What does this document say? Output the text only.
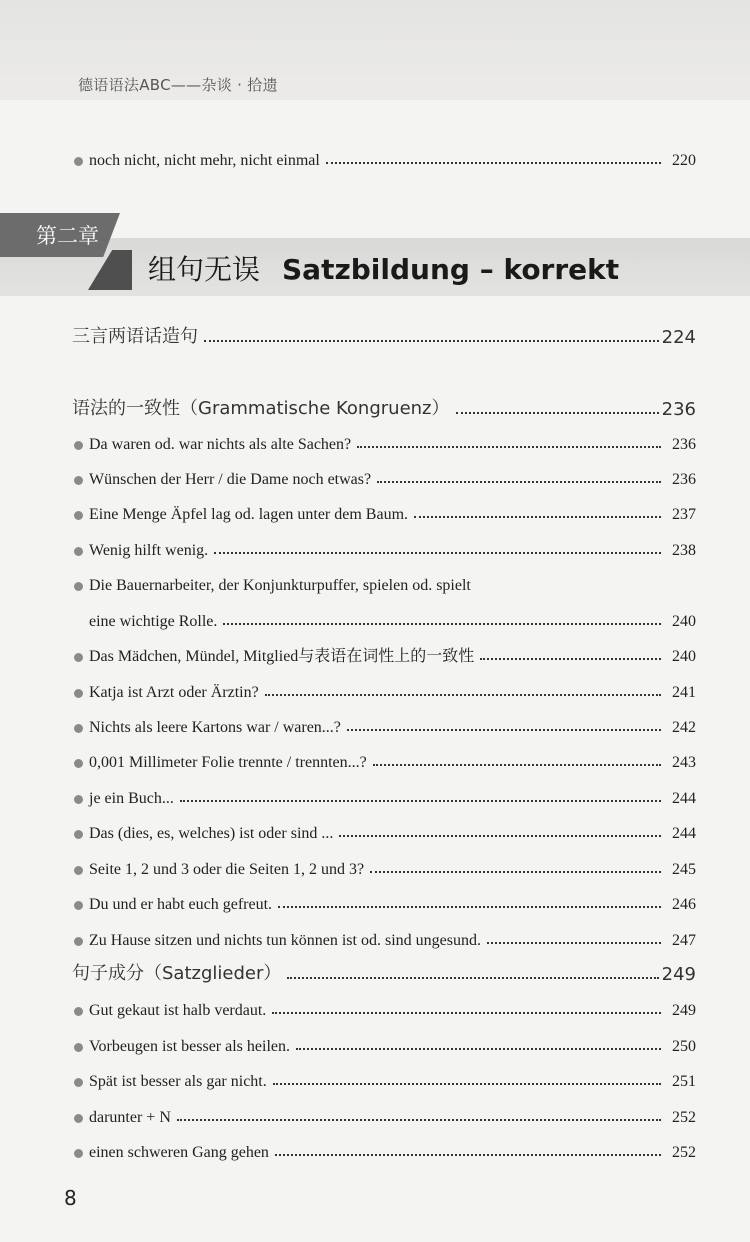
德语语法ABC——杂谈 · 拾遗
第二章
组句无误 Satzbildung – korrekt
noch nicht, nicht mehr, nicht einmal	220
三言两语话造句	224
语法的一致性（Grammatische Kongruenz）	236
Da waren od. war nichts als alte Sachen?	236
Wünschen der Herr / die Dame noch etwas?	236
Eine Menge Äpfel lag od. lagen unter dem Baum.	237
Wenig hilft wenig.	238
Die Bauernarbeiter, der Konjunkturpuffer, spielen od. spielt
eine wichtige Rolle.	240
Das Mädchen, Mündel, Mitglied与表语在词性上的一致性	240
Katja ist Arzt oder Ärztin?	241
Nichts als leere Kartons war / waren...?	242
0,001 Millimeter Folie trennte / trennten...?	243
je ein Buch...	244
Das (dies, es, welches) ist oder sind ...	244
Seite 1, 2 und 3 oder die Seiten 1, 2 und 3?	245
Du und er habt euch gefreut.	246
Zu Hause sitzen und nichts tun können ist od. sind ungesund.	247
句子成分（Satzglieder）	249
Gut gekaut ist halb verdaut.	249
Vorbeugen ist besser als heilen.	250
Spät ist besser als gar nicht.	251
darunter + N	252
einen schweren Gang gehen	252
8
